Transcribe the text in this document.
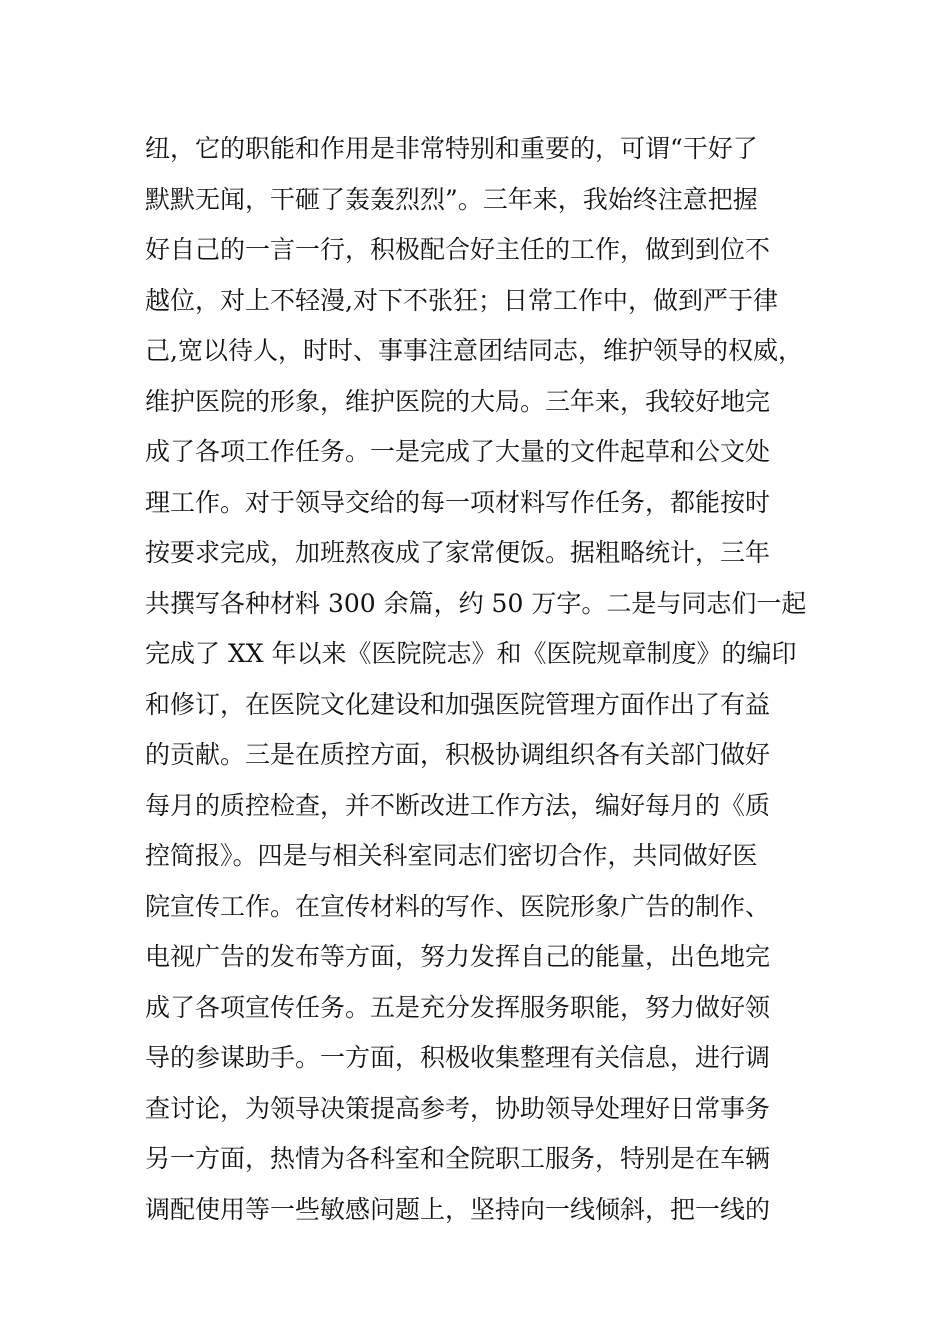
纽，它的职能和作用是非常特别和重要的，可谓“干好了
默默无闻，干砸了轰轰烈烈”。三年来，我始终注意把握
好自己的一言一行，积极配合好主任的工作，做到到位不
越位，对上不轻漫,对下不张狂；日常工作中，做到严于律
己,宽以待人，时时、事事注意团结同志，维护领导的权威，
维护医院的形象，维护医院的大局。三年来，我较好地完
成了各项工作任务。一是完成了大量的文件起草和公文处
理工作。对于领导交给的每一项材料写作任务，都能按时
按要求完成，加班熬夜成了家常便饭。据粗略统计，三年
共撰写各种材料 300 余篇，约 50 万字。二是与同志们一起
完成了 XX 年以来《医院院志》和《医院规章制度》的编印
和修订，在医院文化建设和加强医院管理方面作出了有益
的贡献。三是在质控方面，积极协调组织各有关部门做好
每月的质控检查，并不断改进工作方法，编好每月的《质
控简报》。四是与相关科室同志们密切合作，共同做好医
院宣传工作。在宣传材料的写作、医院形象广告的制作、
电视广告的发布等方面，努力发挥自己的能量，出色地完
成了各项宣传任务。五是充分发挥服务职能，努力做好领
导的参谋助手。一方面，积极收集整理有关信息，进行调
查讨论，为领导决策提高参考，协助领导处理好日常事务
另一方面，热情为各科室和全院职工服务，特别是在车辆
调配使用等一些敏感问题上，坚持向一线倾斜，把一线的
